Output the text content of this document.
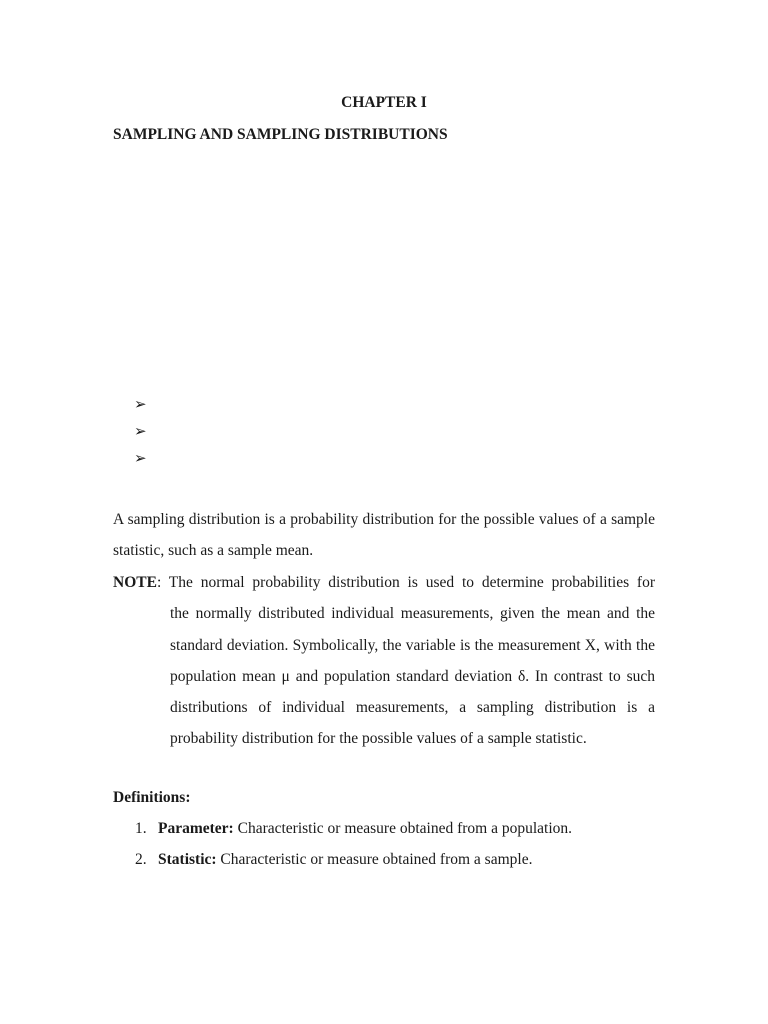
CHAPTER I
SAMPLING AND SAMPLING DISTRIBUTIONS
➢
➢
➢

A sampling distribution is a probability distribution for the possible values of a sample statistic, such as a sample mean.

NOTE: The normal probability distribution is used to determine probabilities for
the normally distributed individual measurements, given the mean and the standard deviation. Symbolically, the variable is the measurement X, with the population mean μ and population standard deviation δ. In contrast to such distributions of individual measurements, a sampling distribution is a probability distribution for the possible values of a sample statistic.
Definitions:
1. Parameter: Characteristic or measure obtained from a population.
2. Statistic: Characteristic or measure obtained from a sample.
